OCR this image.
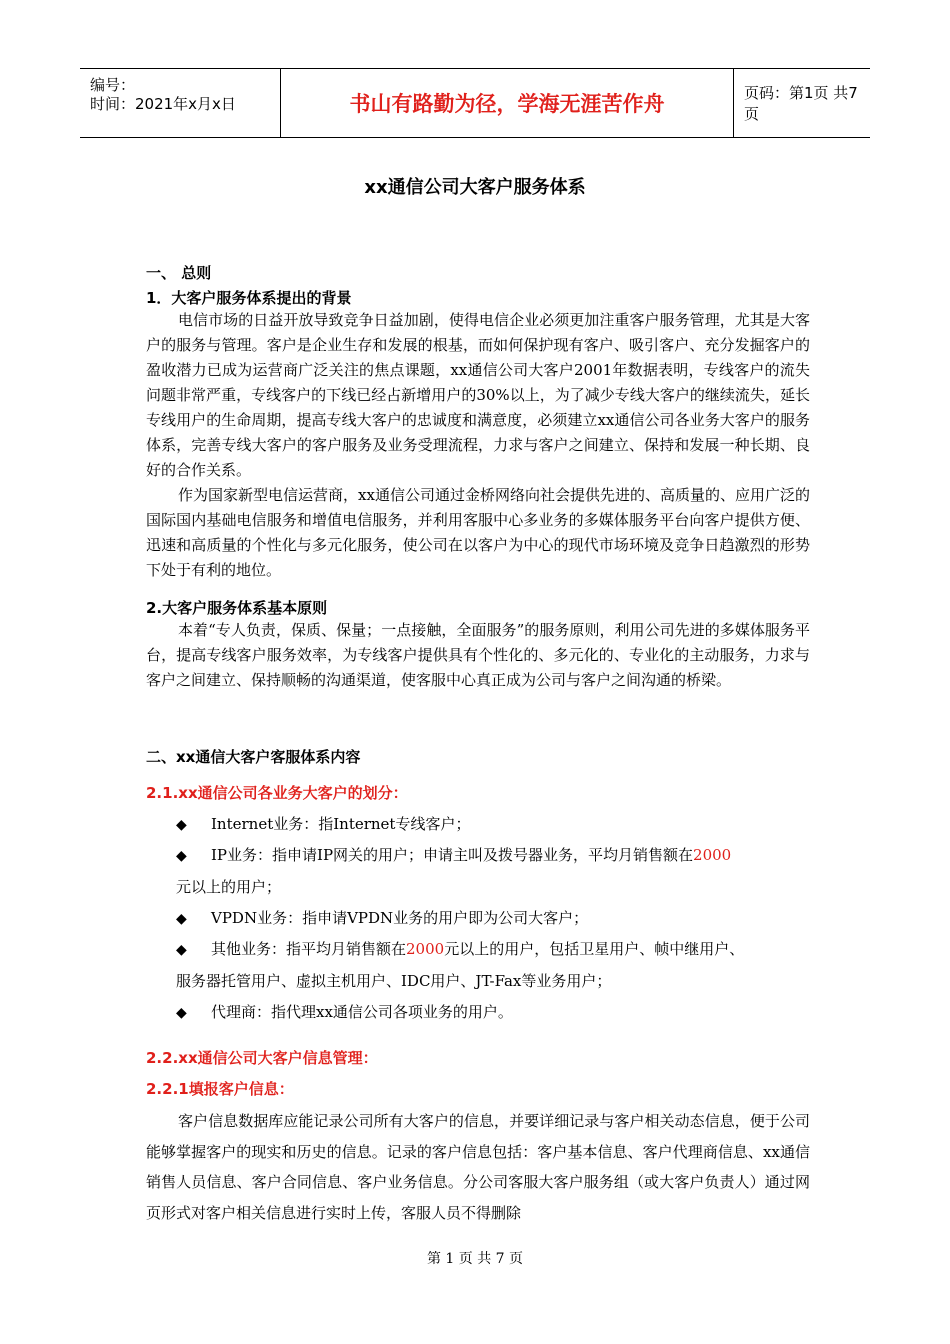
编号：
时间：2021年x月x日	书山有路勤为径，学海无涯苦作舟	页码：第1页 共7页
xx通信公司大客户服务体系
一、 总则
1．大客户服务体系提出的背景

电信市场的日益开放导致竞争日益加剧，使得电信企业必须更加注重客户服务管理，尤其是大客户的服务与管理。客户是企业生存和发展的根基，而如何保护现有客户、吸引客户、充分发掘客户的盈收潜力已成为运营商广泛关注的焦点课题，xx通信公司大客户2001年数据表明，专线客户的流失问题非常严重，专线客户的下线已经占新增用户的30%以上，为了减少专线大客户的继续流失，延长专线用户的生命周期，提高专线大客户的忠诚度和满意度，必须建立xx通信公司各业务大客户的服务体系，完善专线大客户的客户服务及业务受理流程，力求与客户之间建立、保持和发展一种长期、良好的合作关系。

作为国家新型电信运营商，xx通信公司通过金桥网络向社会提供先进的、高质量的、应用广泛的国际国内基础电信服务和增值电信服务，并利用客服中心多业务的多媒体服务平台向客户提供方便、迅速和高质量的个性化与多元化服务，使公司在以客户为中心的现代市场环境及竞争日趋激烈的形势下处于有利的地位。

2.大客户服务体系基本原则

本着“专人负责，保质、保量；一点接触，全面服务”的服务原则，利用公司先进的多媒体服务平台，提高专线客户服务效率，为专线客户提供具有个性化的、多元化的、专业化的主动服务，力求与客户之间建立、保持顺畅的沟通渠道，使客服中心真正成为公司与客户之间沟通的桥梁。

二、xx通信大客户客服体系内容
2.1.xx通信公司各业务大客户的划分：
◆ Internet业务：指Internet专线客户；
◆ IP业务：指申请IP网关的用户；申请主叫及拨号器业务，平均月销售额在2000
元以上的用户；
◆ VPDN业务：指申请VPDN业务的用户即为公司大客户；
◆ 其他业务：指平均月销售额在2000元以上的用户，包括卫星用户、帧中继用户、
服务器托管用户、虚拟主机用户、IDC用户、JT-Fax等业务用户；
◆ 代理商：指代理xx通信公司各项业务的用户。
2.2.xx通信公司大客户信息管理：
2.2.1填报客户信息：

客户信息数据库应能记录公司所有大客户的信息，并要详细记录与客户相关动态信息，便于公司能够掌握客户的现实和历史的信息。记录的客户信息包括：客户基本信息、客户代理商信息、xx通信销售人员信息、客户合同信息、客户业务信息。分公司客服大客户服务组（或大客户负责人）通过网页形式对客户相关信息进行实时上传，客服人员不得删除

第 1 页 共 7 页
